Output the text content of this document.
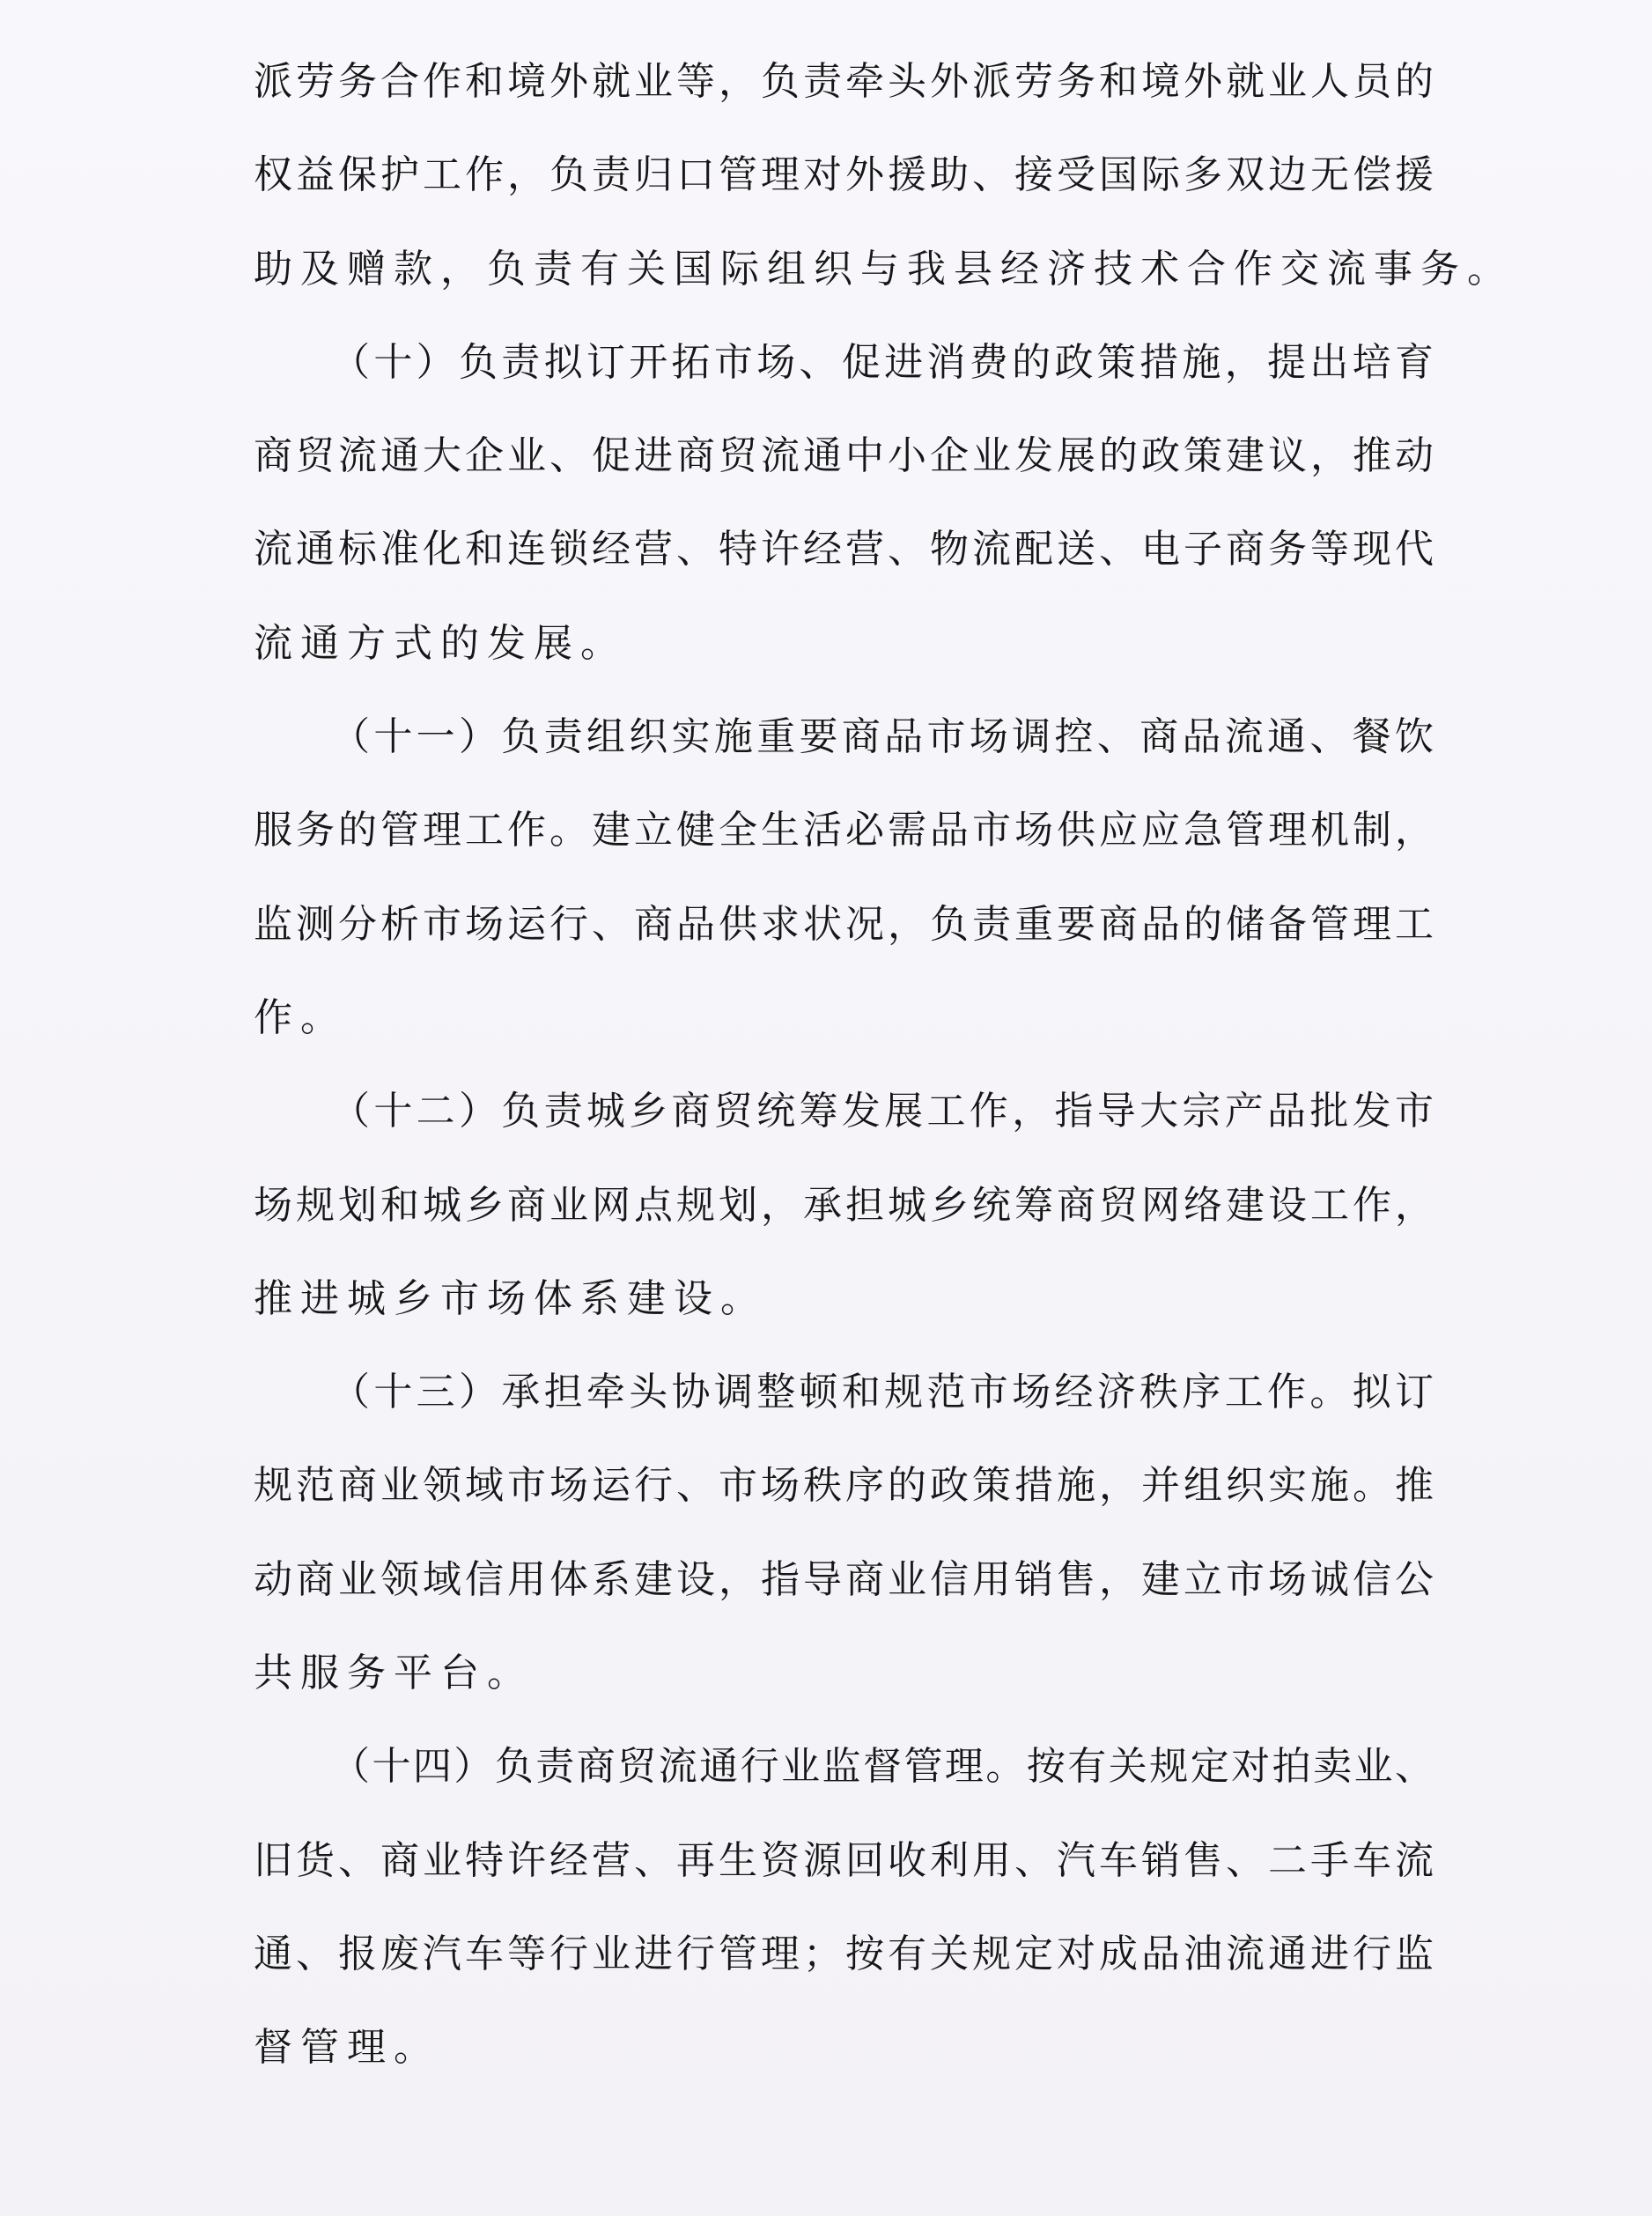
派劳务合作和境外就业等，负责牵头外派劳务和境外就业人员的
权益保护工作，负责归口管理对外援助、接受国际多双边无偿援
助及赠款，负责有关国际组织与我县经济技术合作交流事务。
（十）负责拟订开拓市场、促进消费的政策措施，提出培育
商贸流通大企业、促进商贸流通中小企业发展的政策建议，推动
流通标准化和连锁经营、特许经营、物流配送、电子商务等现代
流通方式的发展。
（十一）负责组织实施重要商品市场调控、商品流通、餐饮
服务的管理工作。建立健全生活必需品市场供应应急管理机制，
监测分析市场运行、商品供求状况，负责重要商品的储备管理工
作。
（十二）负责城乡商贸统筹发展工作，指导大宗产品批发市
场规划和城乡商业网点规划，承担城乡统筹商贸网络建设工作，
推进城乡市场体系建设。
（十三）承担牵头协调整顿和规范市场经济秩序工作。拟订
规范商业领域市场运行、市场秩序的政策措施，并组织实施。推
动商业领域信用体系建设，指导商业信用销售，建立市场诚信公
共服务平台。
（十四）负责商贸流通行业监督管理。按有关规定对拍卖业、
旧货、商业特许经营、再生资源回收利用、汽车销售、二手车流
通、报废汽车等行业进行管理；按有关规定对成品油流通进行监
督管理。
